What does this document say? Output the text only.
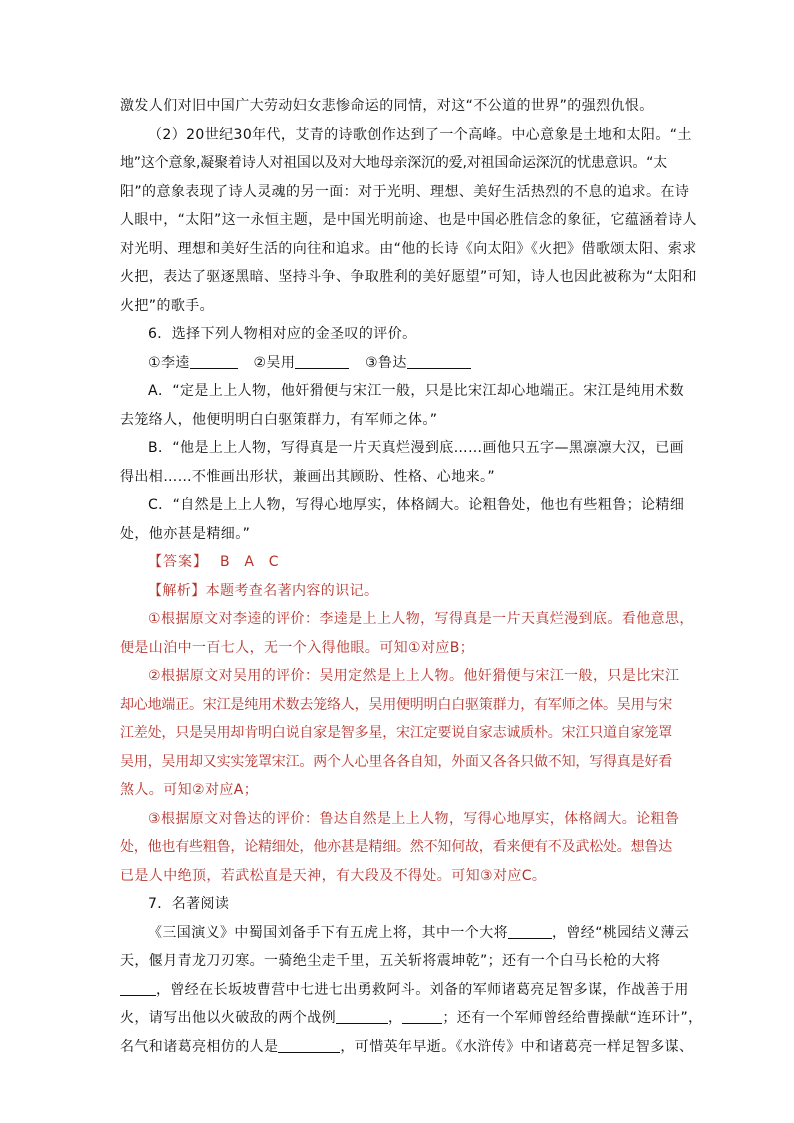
激发人们对旧中国广大劳动妇女悲惨命运的同情，对这“不公道的世界”的强烈仇恨。
（2）20世纪30年代，艾青的诗歌创作达到了一个高峰。中心意象是土地和太阳。“土
地”这个意象,凝聚着诗人对祖国以及对大地母亲深沉的爱,对祖国命运深沉的忧患意识。“太
阳”的意象表现了诗人灵魂的另一面：对于光明、理想、美好生活热烈的不息的追求。在诗
人眼中，“太阳”这一永恒主题，是中国光明前途、也是中国必胜信念的象征，它蕴涵着诗人
对光明、理想和美好生活的向往和追求。由“他的长诗《向太阳》《火把》借歌颂太阳、索求
火把，表达了驱逐黑暗、坚持斗争、争取胜利的美好愿望”可知，诗人也因此被称为“太阳和
火把”的歌手。
6．选择下列人物相对应的金圣叹的评价。
①李逵	②吴用	③鲁达
A．“定是上上人物，他奸猾便与宋江一般，只是比宋江却心地端正。宋江是纯用术数
去笼络人，他便明明白白驱策群力，有军师之体。”
B．“他是上上人物，写得真是一片天真烂漫到底……画他只五字—黑凛凛大汉，已画
得出相……不惟画出形状，兼画出其顾盼、性格、心地来。”
C．“自然是上上人物，写得心地厚实，体格阔大。论粗鲁处，他也有些粗鲁；论精细
处，他亦甚是精细。”
【答案】 B　A　C
【解析】本题考查名著内容的识记。
①根据原文对李逵的评价：李逵是上上人物，写得真是一片天真烂漫到底。看他意思，
便是山泊中一百七人，无一个入得他眼。可知①对应B；
②根据原文对吴用的评价：吴用定然是上上人物。他奸猾便与宋江一般，只是比宋江
却心地端正。宋江是纯用术数去笼络人，吴用便明明白白驱策群力，有军师之体。吴用与宋
江差处，只是吴用却肯明白说自家是智多星，宋江定要说自家志诚质朴。宋江只道自家笼罩
吴用，吴用却又实实笼罩宋江。两个人心里各各自知，外面又各各只做不知，写得真是好看
煞人。可知②对应A；
③根据原文对鲁达的评价：鲁达自然是上上人物，写得心地厚实，体格阔大。论粗鲁
处，他也有些粗鲁，论精细处，他亦甚是精细。然不知何故，看来便有不及武松处。想鲁达
已是人中绝顶，若武松直是天神，有大段及不得处。可知③对应C。
7．名著阅读
《三国演义》中蜀国刘备手下有五虎上将，其中一个大将	，曾经“桃园结义薄云
天，偃月青龙刀刃寒。一骑绝尘走千里，五关斩将震坤乾”；还有一个白马长枪的大将
，曾经在长坂坡曹营中七进七出勇救阿斗。刘备的军师诸葛亮足智多谋，作战善于用
火，请写出他以火破敌的两个战例	，	；还有一个军师曾经给曹操献“连环计”，
名气和诸葛亮相仿的人是	，可惜英年早逝。《水浒传》中和诸葛亮一样足智多谋、
